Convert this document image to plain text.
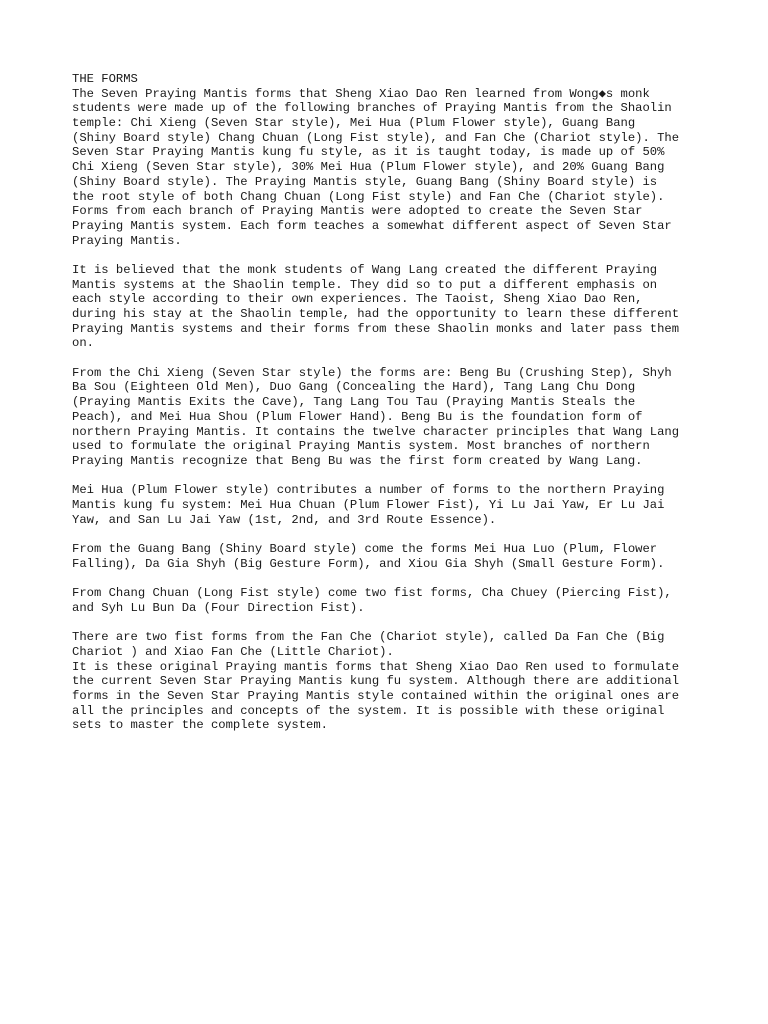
THE FORMS
The Seven Praying Mantis forms that Sheng Xiao Dao Ren learned from Wong◆s monk
students were made up of the following branches of Praying Mantis from the Shaolin
temple: Chi Xieng (Seven Star style), Mei Hua (Plum Flower style), Guang Bang
(Shiny Board style) Chang Chuan (Long Fist style), and Fan Che (Chariot style). The
Seven Star Praying Mantis kung fu style, as it is taught today, is made up of 50%
Chi Xieng (Seven Star style), 30% Mei Hua (Plum Flower style), and 20% Guang Bang
(Shiny Board style). The Praying Mantis style, Guang Bang (Shiny Board style) is
the root style of both Chang Chuan (Long Fist style) and Fan Che (Chariot style).
Forms from each branch of Praying Mantis were adopted to create the Seven Star
Praying Mantis system. Each form teaches a somewhat different aspect of Seven Star
Praying Mantis.
It is believed that the monk students of Wang Lang created the different Praying
Mantis systems at the Shaolin temple. They did so to put a different emphasis on
each style according to their own experiences. The Taoist, Sheng Xiao Dao Ren,
during his stay at the Shaolin temple, had the opportunity to learn these different
Praying Mantis systems and their forms from these Shaolin monks and later pass them
on.
From the Chi Xieng (Seven Star style) the forms are: Beng Bu (Crushing Step), Shyh
Ba Sou (Eighteen Old Men), Duo Gang (Concealing the Hard), Tang Lang Chu Dong
(Praying Mantis Exits the Cave), Tang Lang Tou Tau (Praying Mantis Steals the
Peach), and Mei Hua Shou (Plum Flower Hand). Beng Bu is the foundation form of
northern Praying Mantis. It contains the twelve character principles that Wang Lang
used to formulate the original Praying Mantis system. Most branches of northern
Praying Mantis recognize that Beng Bu was the first form created by Wang Lang.
Mei Hua (Plum Flower style) contributes a number of forms to the northern Praying
Mantis kung fu system: Mei Hua Chuan (Plum Flower Fist), Yi Lu Jai Yaw, Er Lu Jai
Yaw, and San Lu Jai Yaw (1st, 2nd, and 3rd Route Essence).
From the Guang Bang (Shiny Board style) come the forms Mei Hua Luo (Plum, Flower
Falling), Da Gia Shyh (Big Gesture Form), and Xiou Gia Shyh (Small Gesture Form).
From Chang Chuan (Long Fist style) come two fist forms, Cha Chuey (Piercing Fist),
and Syh Lu Bun Da (Four Direction Fist).
There are two fist forms from the Fan Che (Chariot style), called Da Fan Che (Big
Chariot ) and Xiao Fan Che (Little Chariot).
It is these original Praying mantis forms that Sheng Xiao Dao Ren used to formulate
the current Seven Star Praying Mantis kung fu system. Although there are additional
forms in the Seven Star Praying Mantis style contained within the original ones are
all the principles and concepts of the system. It is possible with these original
sets to master the complete system.
